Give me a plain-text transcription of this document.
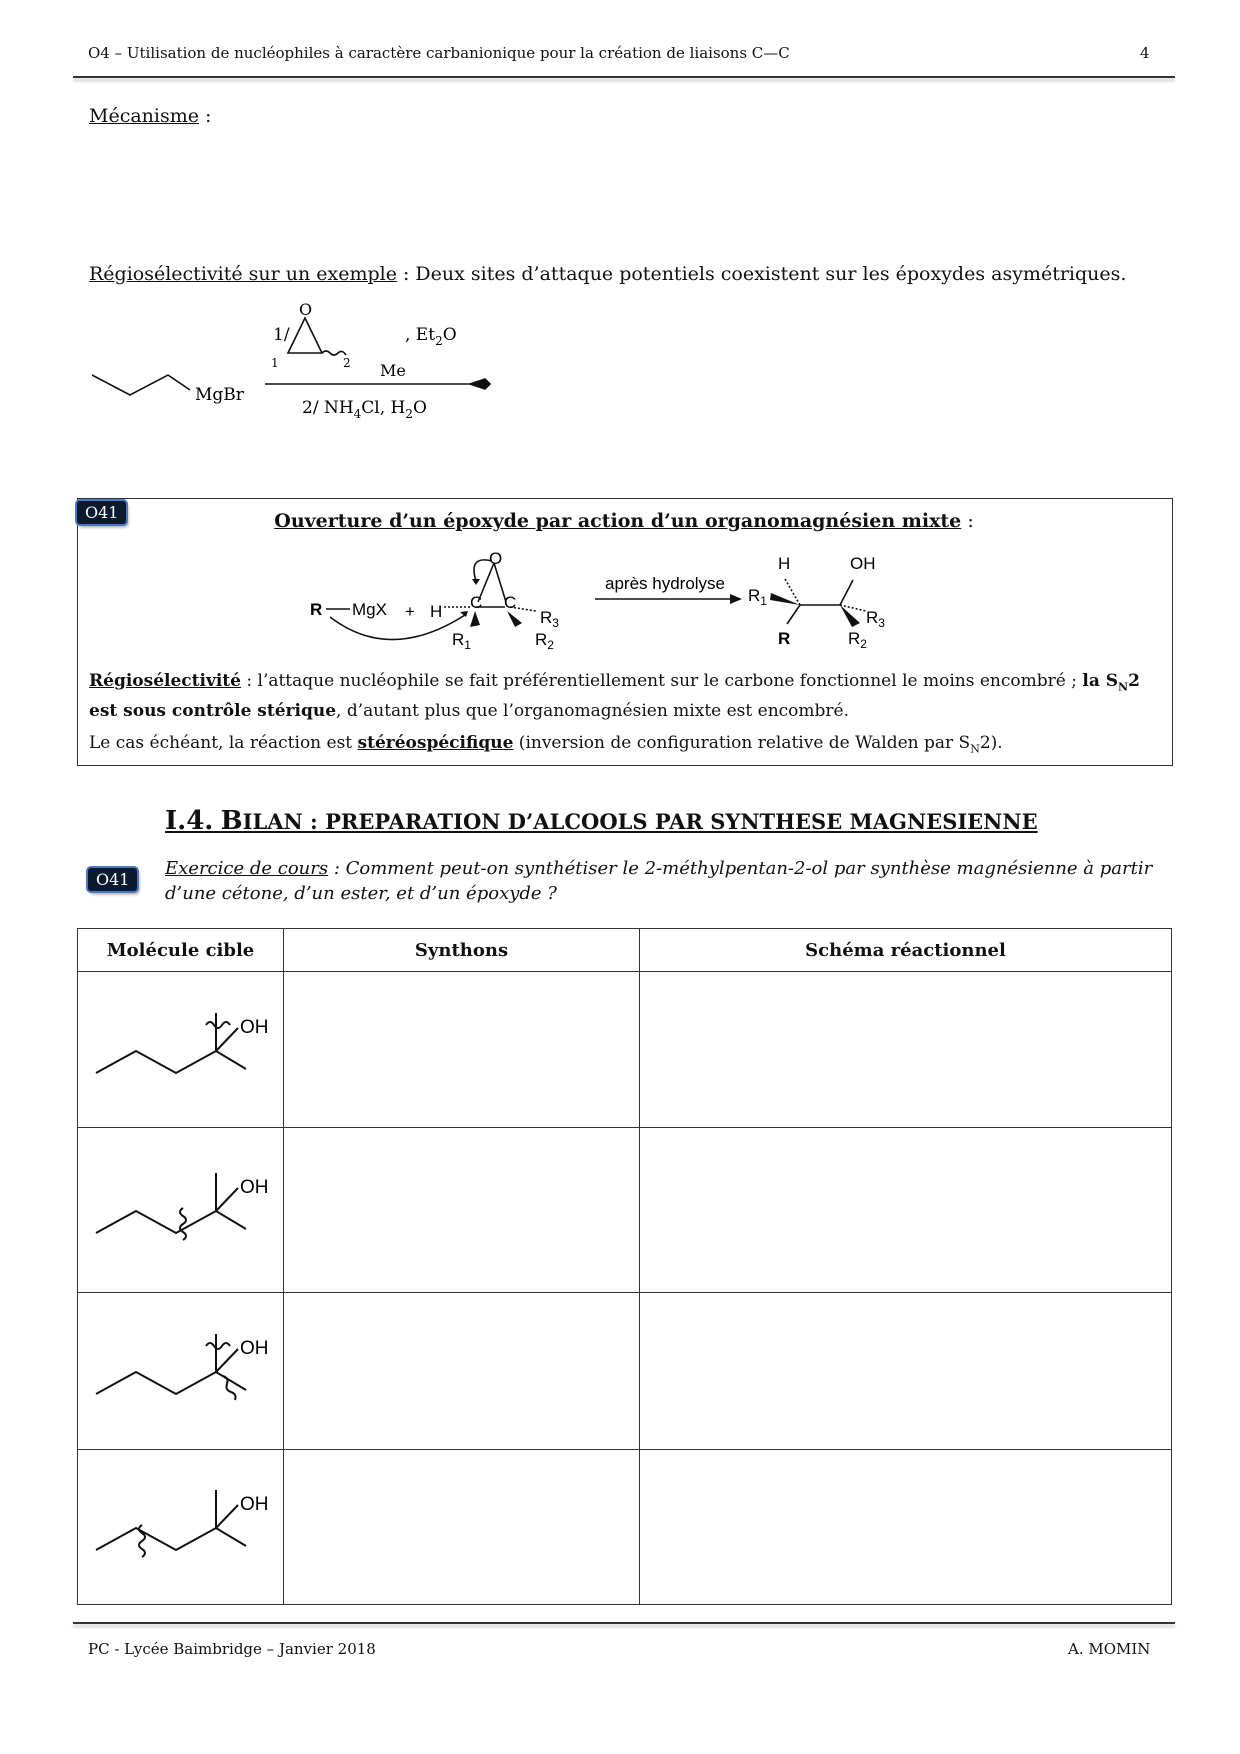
O4 – Utilisation de nucléophiles à caractère carbanionique pour la création de liaisons C—C	4
Mécanisme :
Régiosélectivité sur un exemple : Deux sites d’attaque potentiels coexistent sur les époxydes asymétriques.
MgBr
1/
O
1	2 Me
, $Et_2O$
2/ $NH_4Cl$, $H_2O$
O41	Ouverture d’un époxyde par action d’un organomagnésien mixte :
R MgX + H C C
O
$R_1$	$R_2$
$R_3$
après hydrolyse
H	OH
$R_1$
R
$R_3$
$R_2$
Régiosélectivité : l’attaque nucléophile se fait préférentiellement sur le carbone fonctionnel le moins encombré ; la $S_N2$ est sous contrôle stérique, d’autant plus que l’organomagnésien mixte est encombré.
Le cas échéant, la réaction est stéréospécifique (inversion de configuration relative de Walden par $S_N2$).
I.4. BILAN : PREPARATION D’ALCOOLS PAR SYNTHESE MAGNESIENNE
O41
Exercice de cours : Comment peut-on synthétiser le 2-méthylpentan-2-ol par synthèse magnésienne à partir d’une cétone, d’un ester, et d’un époxyde ?
Molécule cible	Synthons	Schéma réactionnel

OH		

OH		

OH		

OH		

PC - Lycée Baimbridge – Janvier 2018	A. MOMIN
